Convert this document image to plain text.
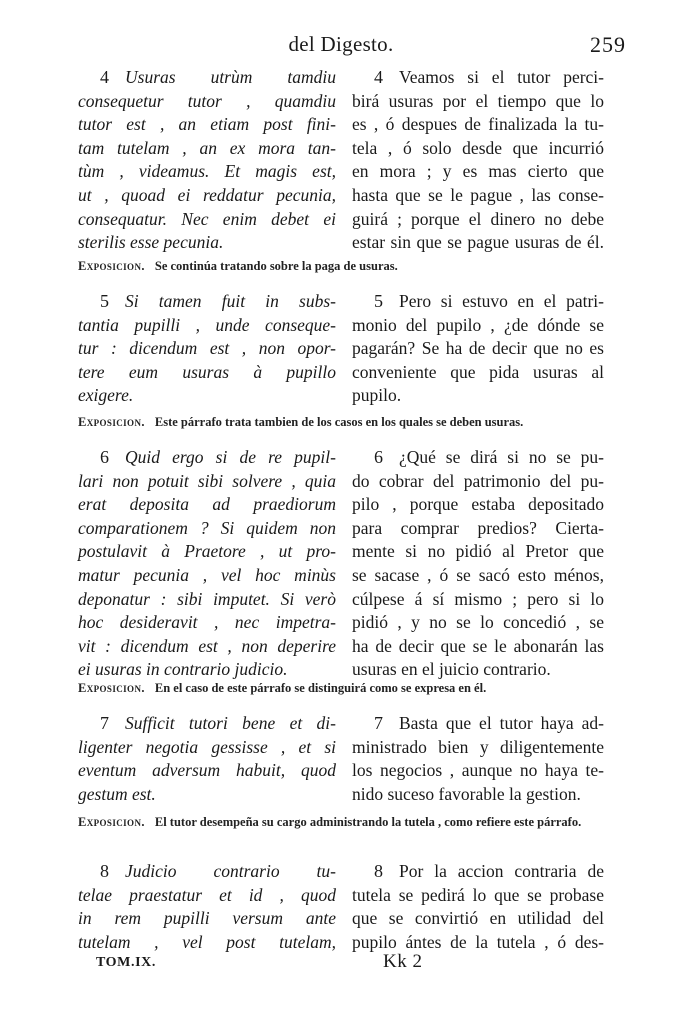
del Digesto.	259

4 Usuras utrùm tamdiu
consequetur tutor , quamdiu
tutor est , an etiam post fini-
tam tutelam , an ex mora tan-
tùm , videamus. Et magis est,
ut , quoad ei reddatur pecunia,
consequatur. Nec enim debet ei
sterilis esse pecunia.

4 Veamos si el tutor perci-
birá usuras por el tiempo que lo
es , ó despues de finalizada la tu-
tela , ó solo desde que incurrió
en mora ; y es mas cierto que
hasta que se le pague , las conse-
guirá ; porque el dinero no debe
estar sin que se pague usuras de él.

Exposicion. Se continúa tratando sobre la paga de usuras.

5 Si tamen fuit in subs-
tantia pupilli , unde conseque-
tur : dicendum est , non opor-
tere eum usuras à pupillo
exigere.

5 Pero si estuvo en el patri-
monio del pupilo , ¿de dónde se
pagarán? Se ha de decir que no es
conveniente que pida usuras al
pupilo.

Exposicion. Este párrafo trata tambien de los casos en los quales se deben usuras.

6 Quid ergo si de re pupil-
lari non potuit sibi solvere , quia
erat deposita ad praediorum
comparationem ? Si quidem non
postulavit à Praetore , ut pro-
matur pecunia , vel hoc minùs
deponatur : sibi imputet. Si verò
hoc desideravit , nec impetra-
vit : dicendum est , non deperire
ei usuras in contrario judicio.

6 ¿Qué se dirá si no se pu-
do cobrar del patrimonio del pu-
pilo , porque estaba depositado
para comprar predios? Cierta-
mente si no pidió al Pretor que
se sacase , ó se sacó esto ménos,
cúlpese á sí mismo ; pero si lo
pidió , y no se lo concedió , se
ha de decir que se le abonarán las
usuras en el juicio contrario.

Exposicion. En el caso de este párrafo se distinguirá como se expresa en él.

7 Sufficit tutori bene et di-
ligenter negotia gessisse , et si
eventum adversum habuit, quod
gestum est.

7 Basta que el tutor haya ad-
ministrado bien y diligentemente
los negocios , aunque no haya te-
nido suceso favorable la gestion.

Exposicion. El tutor desempeña su cargo administrando la tutela , como refiere este párrafo.

8 Judicio contrario tu-
telae praestatur et id , quod
in rem pupilli versum ante
tutelam , vel post tutelam,

8 Por la accion contraria de
tutela se pedirá lo que se probase
que se convirtió en utilidad del
pupilo ántes de la tutela , ó des-

TOM.IX.	Kk 2
